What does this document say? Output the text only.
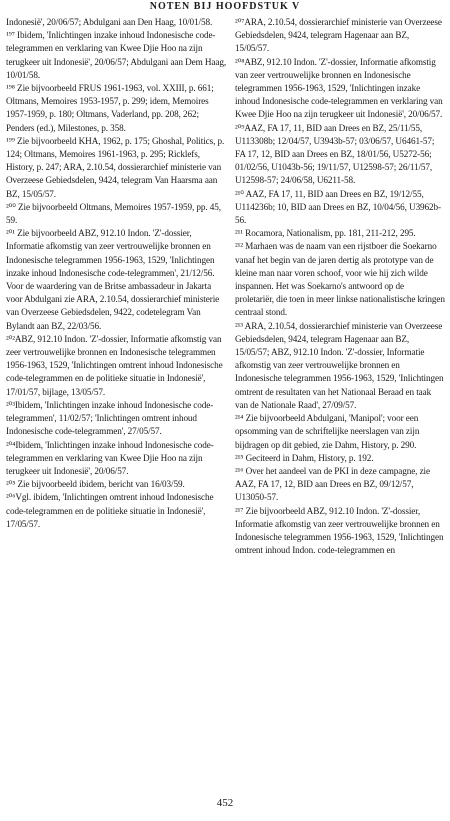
NOTEN BIJ HOOFDSTUK V

Indonesië', 20/06/57; Abdulgani aan Den Haag, 10/01/58.

¹⁹⁷ Ibidem, 'Inlichtingen inzake inhoud Indonesische code-telegrammen en verklaring van Kwee Djie Hoo na zijn terugkeer uit Indonesië', 20/06/57; Abdulgani aan Dem Haag, 10/01/58.

¹⁹⁸ Zie bijvoorbeeld FRUS 1961-1963, vol. XXIII, p. 661; Oltmans, Memoires 1953-1957, p. 299; idem, Memoires 1957-1959, p. 180; Oltmans, Vaderland, pp. 208, 262; Penders (ed.), Milestones, p. 358.

¹⁹⁹ Zie bijvoorbeeld KHA, 1962, p. 175; Ghoshal, Politics, p. 124; Oltmans, Memoires 1961-1963, p. 295; Ricklefs, History, p. 247; ARA, 2.10.54, dossierarchief ministerie van Overzeese Gebiedsdelen, 9424, telegram Van Haarsma aan BZ, 15/05/57.

²⁰⁰ Zie bijvoorbeeld Oltmans, Memoires 1957-1959, pp. 45, 59.

²⁰¹ Zie bijvoorbeeld ABZ, 912.10 Indon. 'Z'-dossier, Informatie afkomstig van zeer vertrouwelijke bronnen en Indonesische telegrammen 1956-1963, 1529, 'Inlichtingen inzake inhoud Indonesische code-telegrammen', 21/12/56. Voor de waardering van de Britse ambassadeur in Jakarta voor Abdulgani zie ARA, 2.10.54, dossierarchief ministerie van Overzeese Gebiedsdelen, 9422, codetelegram Van Bylandt aan BZ, 22/03/56.

²⁰²ABZ, 912.10 Indon. 'Z'-dossier, Informatie afkomstig van zeer vertrouwelijke bronnen en Indonesische telegrammen 1956-1963, 1529, 'Inlichtingen omtrent inhoud Indonesische code-telegrammen en de politieke situatie in Indonesië', 17/01/57, bijlage, 13/05/57.

²⁰³Ibidem, 'Inlichtingen inzake inhoud Indonesische code-telegrammen', 11/02/57; 'Inlichtingen omtrent inhoud Indonesische code-telegrammen', 27/05/57.

²⁰⁴Ibidem, 'Inlichtingen inzake inhoud Indonesische code-telegrammen en verklaring van Kwee Djie Hoo na zijn terugkeer uit Indonesië', 20/06/57.

²⁰⁵ Zie bijvoorbeeld ibidem, bericht van 16/03/59.

²⁰⁶Vgl. ibidem, 'Inlichtingen omtrent inhoud Indonesische code-telegrammen en de politieke situatie in Indonesië', 17/05/57.

²⁰⁷ARA, 2.10.54, dossierarchief ministerie van Overzeese Gebiedsdelen, 9424, telegram Hagenaar aan BZ, 15/05/57.

²⁰⁸ABZ, 912.10 Indon. 'Z'-dossier, Informatie afkomstig van zeer vertrouwelijke bronnen en Indonesische telegrammen 1956-1963, 1529, 'Inlichtingen inzake inhoud Indonesische code-telegrammen en verklaring van Kwee Djie Hoo na zijn terugkeer uit Indonesië', 20/06/57.

²⁰⁹AAZ, FA 17, 11, BID aan Drees en BZ, 25/11/55, U113308b; 12/04/57, U3943b-57; 03/06/57, U6461-57; FA 17, 12, BID aan Drees en BZ, 18/01/56, U5272-56; 01/02/56, U1043b-56; 19/11/57, U12598-57; 26/11/57, U12598-57; 24/06/58, U6211-58.

²¹⁰ AAZ, FA 17, 11, BID aan Drees en BZ, 19/12/55, U114236b; 10, BID aan Drees en BZ, 10/04/56, U3962b-56.

²¹¹ Rocamora, Nationalism, pp. 181, 211-212, 295.

²¹² Marhaen was de naam van een rijstboer die Soekarno vanaf het begin van de jaren dertig als prototype van de kleine man naar voren schoof, voor wie hij zich wilde inspannen. Het was Soekarno's antwoord op de proletariër, die toen in meer linkse nationalistische kringen centraal stond.

²¹³ ARA, 2.10.54, dossierarchief ministerie van Overzeese Gebiedsdelen, 9424, telegram Hagenaar aan BZ, 15/05/57; ABZ, 912.10 Indon. 'Z'-dossier, Informatie afkomstig van zeer vertrouwelijke bronnen en Indonesische telegrammen 1956-1963, 1529, 'Inlichtingen omtrent de resultaten van het Nationaal Beraad en taak van de Nationale Raad', 27/09/57.

²¹⁴ Zie bijvoorbeeld Abdulgani, 'Manipol'; voor een opsomming van de schriftelijke neerslagen van zijn bijdragen op dit gebied, zie Dahm, History, p. 290.

²¹⁵ Geciteerd in Dahm, History, p. 192.

²¹⁶ Over het aandeel van de PKI in deze campagne, zie AAZ, FA 17, 12, BID aan Drees en BZ, 09/12/57, U13050-57.

²¹⁷ Zie bijvoorbeeld ABZ, 912.10 Indon. 'Z'-dossier, Informatie afkomstig van zeer vertrouwelijke bronnen en Indonesische telegrammen 1956-1963, 1529, 'Inlichtingen omtrent inhoud Indon. code-telegrammen en

452
